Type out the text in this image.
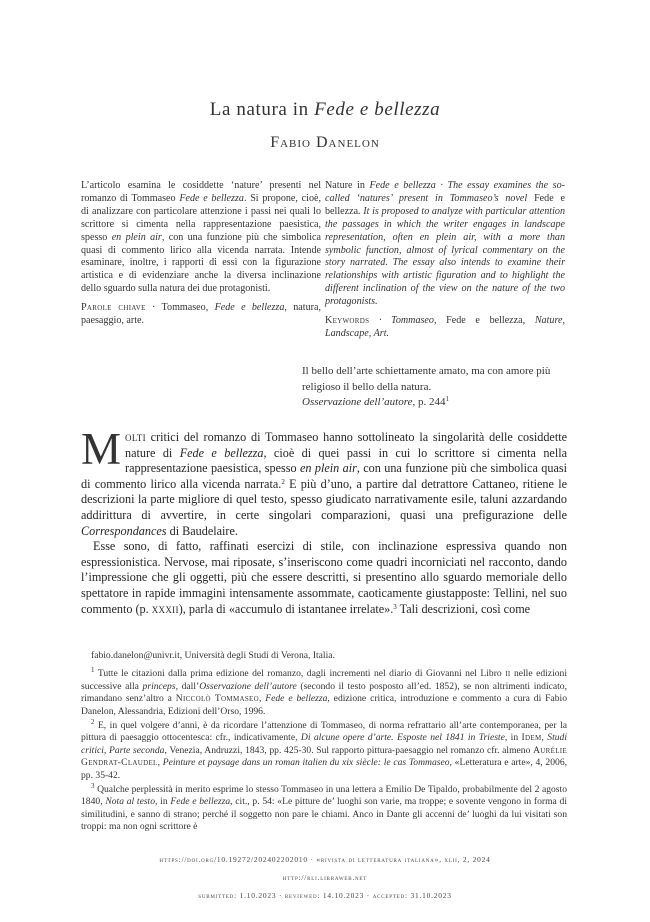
La natura in Fede e bellezza
Fabio Danelon

L’articolo esamina le cosiddette ‘nature’ presenti nel romanzo di Tommaseo Fede e bellezza. Si propone, cioè, di analizzare con particolare attenzione i passi nei quali lo scrittore si cimenta nella rappresentazione paesistica, spesso en plein air, con una funzione più che simbolica quasi di commento lirico alla vicenda narrata. Intende esaminare, inoltre, i rapporti di essi con la figurazione artistica e di evidenziare anche la diversa inclinazione dello sguardo sulla natura dei due protagonisti.

Parole chiave · Tommaseo, Fede e bellezza, natura, paesaggio, arte.

Nature in Fede e bellezza · The essay examines the so-called ‘natures’ present in Tommaseo’s novel Fede e bellezza. It is proposed to analyze with particular attention the passages in which the writer engages in landscape representation, often en plein air, with a more than symbolic function, almost of lyrical commentary on the story narrated. The essay also intends to examine their relationships with artistic figuration and to highlight the different inclination of the view on the nature of the two protagonists.

Keywords · Tommaseo, Fede e bellezza, Nature, Landscape, Art.

Il bello dell’arte schiettamente amato, ma con amore più religioso il bello della natura.

Osservazione dell’autore, p. $244^1$

Molti critici del romanzo di Tommaseo hanno sottolineato la singolarità delle cosiddette nature di Fede e bellezza, cioè di quei passi in cui lo scrittore si cimenta nella rappresentazione paesistica, spesso en plein air, con una funzione più che simbolica quasi di commento lirico alla vicenda narrata.$^2$ E più d’uno, a partire dal detrattore Cattaneo, ritiene le descrizioni la parte migliore di quel testo, spesso giudicato narrativamente esile, taluni azzardando addirittura di avvertire, in certe singolari comparazioni, quasi una prefigurazione delle Correspondances di Baudelaire.

Esse sono, di fatto, raffinati esercizi di stile, con inclinazione espressiva quando non espressionistica. Nervose, mai riposate, s’inseriscono come quadri incorniciati nel racconto, dando l’impressione che gli oggetti, più che essere descritti, si presentino allo sguardo memoriale dello spettatore in rapide immagini intensamente assommate, caoticamente giustapposte: Tellini, nel suo commento (p. xxxii), parla di «accumulo di istantanee irrelate».$^3$ Tali descrizioni, così come

fabio.danelon@univr.it, Università degli Studi di Verona, Italia.

$^1$ Tutte le citazioni dalla prima edizione del romanzo, dagli incrementi nel diario di Giovanni nel Libro ii nelle edizioni successive alla princeps, dall’Osservazione dell’autore (secondo il testo posposto all’ed. 1852), se non altrimenti indicato, rimandano senz’altro a Niccolò Tommaseo, Fede e bellezza, edizione critica, introduzione e commento a cura di Fabio Danelon, Alessandria, Edizioni dell’Orso, 1996.

$^2$ E, in quel volgere d’anni, è da ricordare l’attenzione di Tommaseo, di norma refrattario all’arte contemporanea, per la pittura di paesaggio ottocentesca: cfr., indicativamente, Di alcune opere d’arte. Esposte nel 1841 in Trieste, in Idem, Studi critici, Parte seconda, Venezia, Andruzzi, 1843, pp. 425-30. Sul rapporto pittura-paesaggio nel romanzo cfr. almeno Aurélie Gendrat-Claudel, Peinture et paysage dans un roman italien du xix siècle: le cas Tommaseo, «Letteratura e arte», 4, 2006, pp. 35-42.

$^3$ Qualche perplessità in merito esprime lo stesso Tommaseo in una lettera a Emilio De Tipaldo, probabilmente del 2 agosto 1840, Nota al testo, in Fede e bellezza, cit., p. 54: «Le pitture de’ luoghi son varie, ma troppe; e sovente vengono in forma di similitudini, e sanno di strano; perché il soggetto non pare le chiami. Anco in Dante gli accenni de’ luoghi da lui visitati son troppi: ma non ogni scrittore è

https://doi.org/10.19272/202402202010 · «rivista di letteratura italiana», xlii, 2, 2024
http://rli.libraweb.net
submitted: 1.10.2023 · reviewed: 14.10.2023 · accepted: 31.10.2023
